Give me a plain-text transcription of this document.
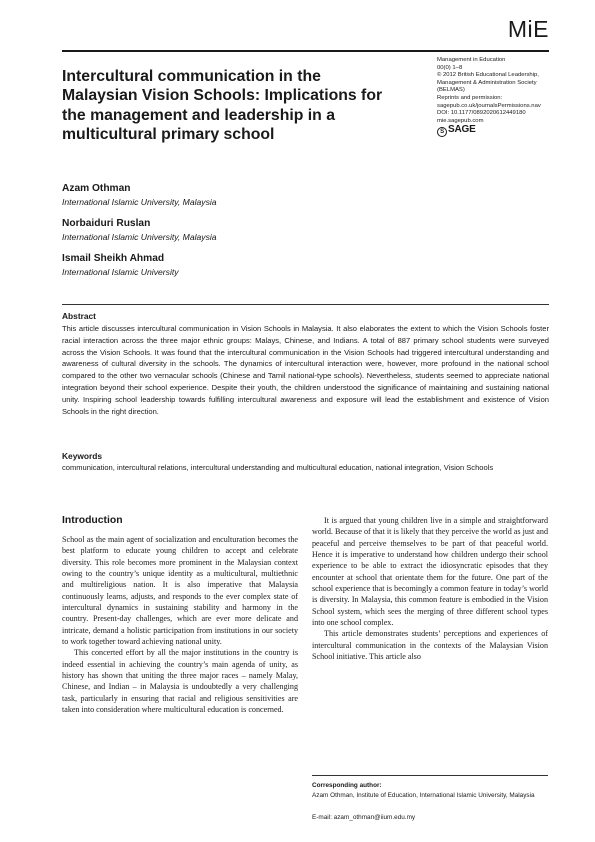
MiE
Intercultural communication in the Malaysian Vision Schools: Implications for the management and leadership in a multicultural primary school
Management in Education
00(0) 1–8
© 2012 British Educational Leadership,
Management & Administration Society
(BELMAS)
Reprints and permission:
sagepub.co.uk/journalsPermissions.nav
DOI: 10.1177/0892020612449180
mie.sagepub.com
S SAGE
Azam Othman
International Islamic University, Malaysia
Norbaiduri Ruslan
International Islamic University, Malaysia
Ismail Sheikh Ahmad
International Islamic University
Abstract
This article discusses intercultural communication in Vision Schools in Malaysia. It also elaborates the extent to which the Vision Schools foster racial interaction across the three major ethnic groups: Malays, Chinese, and Indians. A total of 887 primary school students were surveyed across the Vision Schools. It was found that the intercultural communication in the Vision Schools had triggered intercultural understanding and awareness of cultural diversity in the schools. The dynamics of intercultural interaction were, however, more profound in the national school compared to the other two vernacular schools (Chinese and Tamil national-type schools). Nevertheless, students seemed to appreciate national integration beyond their school experience. Despite their youth, the children understood the significance of maintaining and sustaining national unity. Inspiring school leadership towards fulfilling intercultural awareness and exposure will lead the establishment and existence of Vision Schools in the right direction.
Keywords
communication, intercultural relations, intercultural understanding and multicultural education, national integration, Vision Schools
Introduction

School as the main agent of socialization and enculturation becomes the best platform to educate young children to accept and celebrate diversity. This role becomes more prominent in the Malaysian context owing to the country’s unique identity as a multicultural, multiethnic and multireligious nation. It is also imperative that Malaysia continuously learns, adjusts, and responds to the ever complex state of intercultural dynamics in sustaining stability and harmony in the country. Present-day challenges, which are ever more delicate and intricate, demand a holistic participation from institutions in our society to work together toward achieving national unity.

This concerted effort by all the major institutions in the country is indeed essential in achieving the country’s main agenda of unity, as history has shown that uniting the three major races – namely Malay, Chinese, and Indian – in Malaysia is undoubtedly a very challenging task, particularly in ensuring that racial and religious sensitivities are taken into consideration where multicultural education is concerned.

It is argued that young children live in a simple and straightforward world. Because of that it is likely that they perceive the world as just and peaceful and perceive themselves to be part of that peaceful world. Hence it is imperative to understand how children undergo their school experience to be able to extract the idiosyncratic episodes that they encounter at school that orientate them for the future. One part of the school experience that is becomingly a common feature in today’s world is diversity. In Malaysia, this common feature is embodied in the Vision School system, which sees the merging of three different school types into one school complex.

This article demonstrates students’ perceptions and experiences of intercultural communication in the contexts of the Malaysian Vision School initiative. This article also

Corresponding author:
Azam Othman, Institute of Education, International Islamic University, Malaysia
E-mail: azam_othman@iium.edu.my
